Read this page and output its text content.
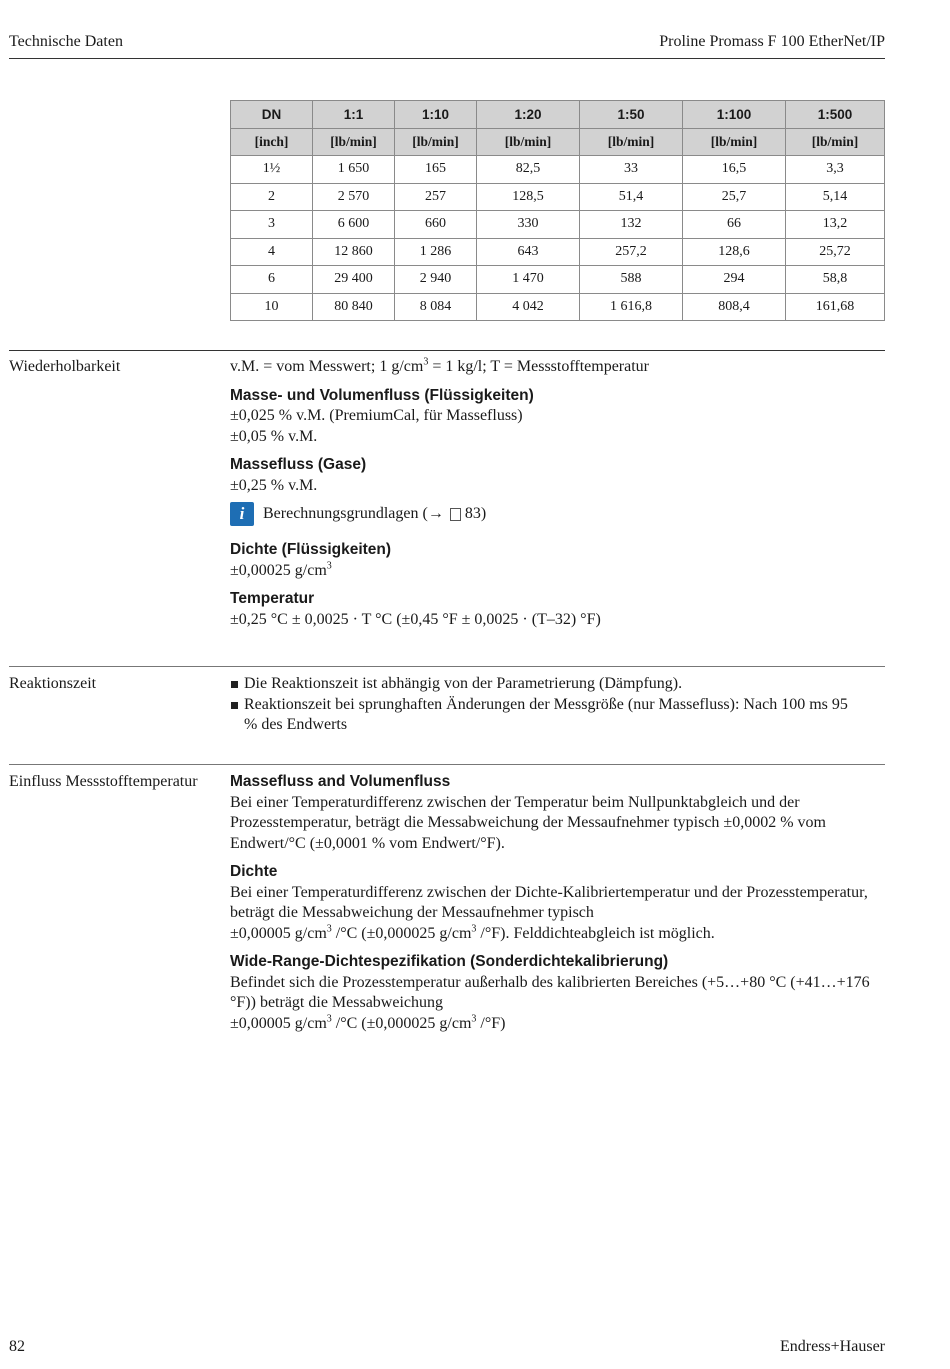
Technische Daten	Proline Promass F 100 EtherNet/IP
DN	1:1	1:10	1:20	1:50	1:100	1:500
[inch]	[lb/min]	[lb/min]	[lb/min]	[lb/min]	[lb/min]	[lb/min]
1½	1 650	165	82,5	33	16,5	3,3
2	2 570	257	128,5	51,4	25,7	5,14
3	6 600	660	330	132	66	13,2
4	12 860	1 286	643	257,2	128,6	25,72
6	29 400	2 940	1 470	588	294	58,8
10	80 840	8 084	4 042	1 616,8	808,4	161,68
Wiederholbarkeit	v.M. = vom Messwert; 1 $g/cm^3 = 1$ kg/l; T = Messstofftemperatur

Masse- und Volumenfluss (Flüssigkeiten)

±0,025 % v.M. (PremiumCal, für Massefluss)

±0,05 % v.M.

Massefluss (Gase)

±0,25 % v.M.

i	Berechnungsgrundlagen (→ 83)

Dichte (Flüssigkeiten)

±0,00025 $g/cm^3$

Temperatur

±0,25 °C ± 0,0025 · T °C (±0,45 °F ± 0,0025 · (T–32) °F)

Reaktionszeit	Die Reaktionszeit ist abhängig von der Parametrierung (Dämpfung).
Reaktionszeit bei sprunghaften Änderungen der Messgröße (nur Massefluss): Nach 100 ms 95 % des Endwerts
Einfluss Messstofftemperatur Massefluss and Volumenfluss

Bei einer Temperaturdifferenz zwischen der Temperatur beim Nullpunktabgleich und der Prozesstemperatur, beträgt die Messabweichung der Messaufnehmer typisch ±0,0002 % vom Endwert/°C (±0,0001 % vom Endwert/°F).

Dichte

Bei einer Temperaturdifferenz zwischen der Dichte-Kalibriertemperatur und der Prozesstemperatur, beträgt die Messabweichung der Messaufnehmer typisch

±0,00005 $g/cm^3$ /°C (±0,000025 $g/cm^3$ /°F). Felddichteabgleich ist möglich.

Wide-Range-Dichtespezifikation (Sonderdichtekalibrierung)

Befindet sich die Prozesstemperatur außerhalb des kalibrierten Bereiches (+5…+80 °C (+41…+176 °F)) beträgt die Messabweichung

±0,00005 $g/cm^3$ /°C (±0,000025 $g/cm^3$ /°F)

82	Endress+Hauser
